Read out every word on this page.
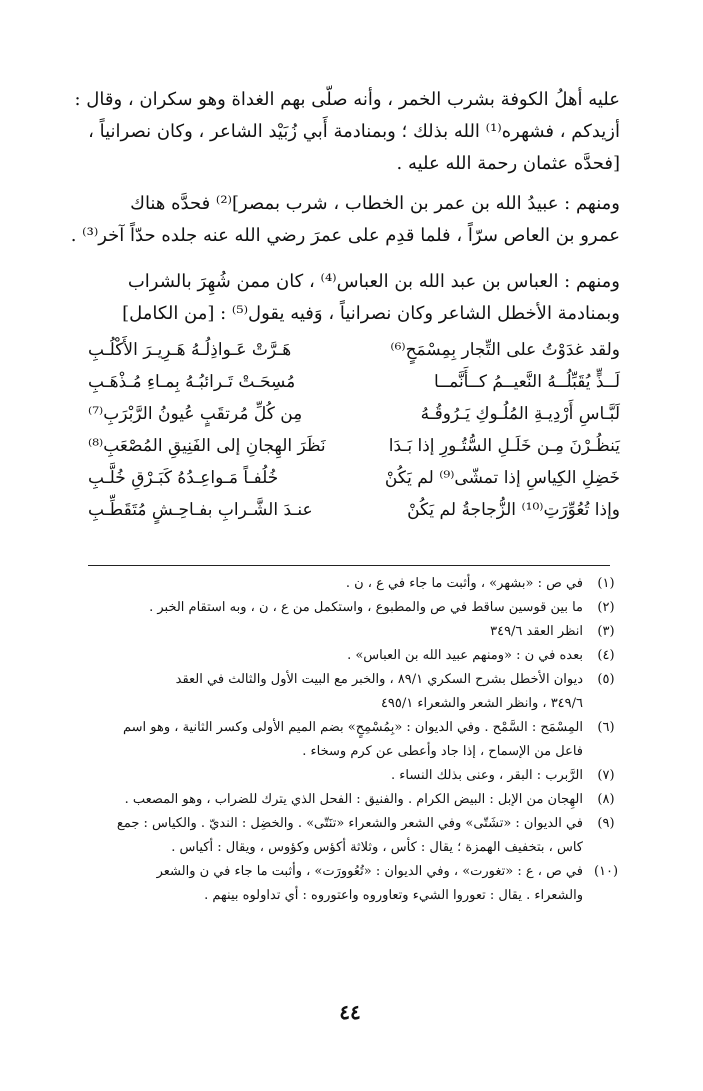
عليه أهلُ الكوفة بشرب الخمر ، وأنه صلّى بهم الغداة وهو سكران ، وقال :
أزيدكم ، فشهره⁽¹⁾ الله بذلك ؛ وبمنادمة أَبي زُبَيْد الشاعر ، وكان نصرانياً ،
[فحدَّه عثمان رحمة الله عليه .
ومنهم : عبيدُ الله بن عمر بن الخطاب ، شرب بمصر]⁽²⁾ فحدَّه هناك
عمرو بن العاص سرّاً ، فلما قدِم على عمرَ رضي الله عنه جلده حدّاً آخر⁽³⁾ .
ومنهم : العباس بن عبد الله بن العباس⁽⁴⁾ ، كان ممن شُهِرَ بالشراب
وبمنادمة الأخطل الشاعر وكان نصرانياً ، وَفيه يقول⁽⁵⁾ : [من الكامل]
ولقد غدَوْتُ على التِّجار بِمِسْمَحٍ⁽⁶⁾
هَـرَّتْ عَـواذِلُـهُ هَـرِيـرَ الأَكْلُـبِ
لَــذٍّ يُقَبِّلُــهُ النَّعيــمُ كــأَنَّمــا
مُسِحَـتْ تَـرائبُـهُ بِمـاءِ مُـذْهَـبِ
لَبَّـاسِ أَرْدِيـةِ المُلُـوكِ يَـرُوقُـهُ
مِن كُلِّ مُرتقَبٍ عُيونُ الرَّبْرَبِ⁽⁷⁾
يَنظُـرْنَ مِـن خَلَـلِ السُّتُـورِ إذا بَـدَا
نَظَرَ الهِجانِ إلى الفَنِيقِ المُصْعَبِ⁽⁸⁾
خَضِلِ الكِياسِ إذا تمشّى⁽⁹⁾ لم يَكُنْ
خُلُفـاً مَـواعِـدُهُ كَبَـرْقِ خُلَّـبِ
وإذا تُعُوِّرَتِ⁽¹⁰⁾ الزُّجاجةُ لم يَكُنْ
عنـدَ الشَّـرابِ بفـاحِـشٍ مُتَقَطِّـبِ
(١)
في ص : «بشهر» ، وأثبت ما جاء في ع ، ن .
(٢)
ما بين قوسين ساقط في ص والمطبوع ، واستكمل من ع ، ن ، وبه استقام الخبر .
(٣)
انظر العقد ٣٤٩/٦
(٤)
بعده في ن : «ومنهم عبيد الله بن العباس» .
(٥)
ديوان الأخطل بشرح السكري ٨٩/١ ، والخبر مع البيت الأول والثالث في العقد
٣٤٩/٦ ، وانظر الشعر والشعراء ٤٩٥/١
(٦)
المِسْمَح : السَّمْح . وفي الديوان : «بِمُسْمِحٍ» بضم الميم الأولى وكسر الثانية ، وهو اسم
فاعل من الإسماح ، إذا جاد وأعطى عن كرم وسخاء .
(٧)
الرَّبرب : البقر ، وعنى بذلك النساء .
(٨)
الهِجان من الإبل : البيض الكرام . والفنيق : الفحل الذي يترك للضراب ، وهو المصعب .
(٩)
في الديوان : «تشَتّى» وفي الشعر والشعراء «تنَتّى» . والخضِل : النديّ . والكياس : جمع
كاس ، بتخفيف الهمزة ؛ يقال : كأس ، وثلاثة أكؤس وكؤوس ، ويقال : أكياس .
(١٠)
في ص ، ع : «تغورت» ، وفي الديوان : «تُعُوورَت» ، وأثبت ما جاء في ن والشعر
والشعراء . يقال : تعوروا الشيء وتعاوروه واعتوروه : أي تداولوه بينهم .
٤٤
